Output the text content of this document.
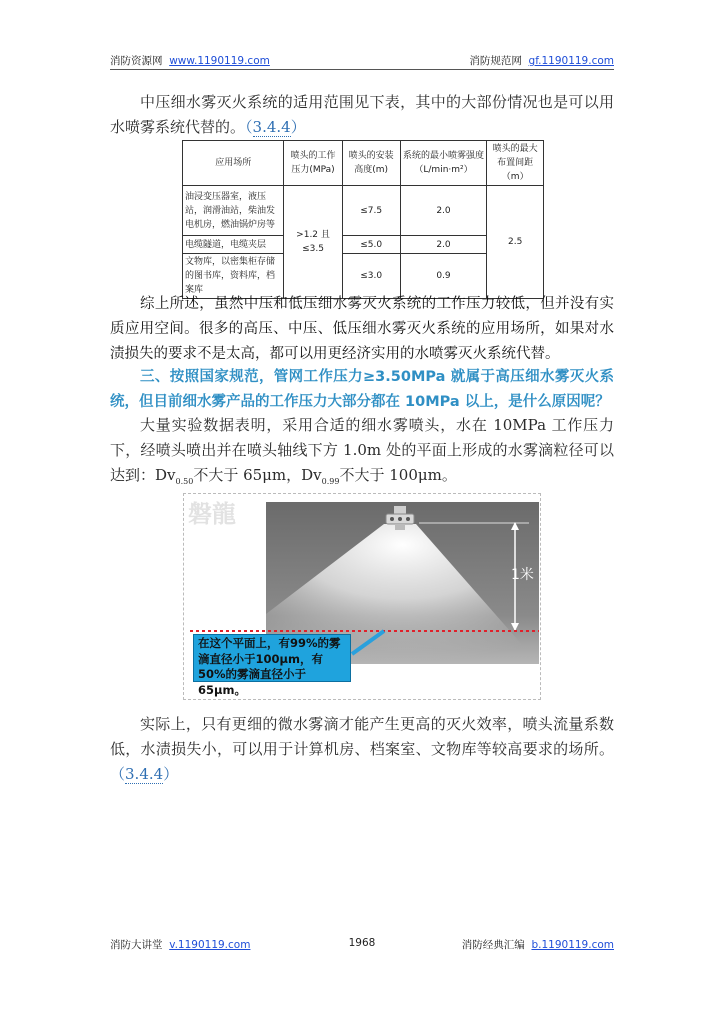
消防资源网 www.1190119.com	消防规范网 gf.1190119.com

中压细水雾灭火系统的适用范围见下表，其中的大部份情况也是可以用水喷雾系统代替的。（3.4.4）

应用场所	喷头的工作压力(MPa)	喷头的安装高度(m)	系统的最小喷雾强度（L/min·m²）	喷头的最大布置间距（m）
油浸变压器室，液压站，润滑油站，柴油发电机房，燃油锅炉房等	>1.2 且 ≤3.5	≤7.5	2.0	2.5
电缆隧道，电缆夹层		≤5.0	2.0	
文物库，以密集柜存储的图书库，资料库，档案库		≤3.0	0.9	

综上所述，虽然中压和低压细水雾灭火系统的工作压力较低，但并没有实质应用空间。很多的高压、中压、低压细水雾灭火系统的应用场所，如果对水渍损失的要求不是太高，都可以用更经济实用的水喷雾灭火系统代替。

三、按照国家规范，管网工作压力≥3.50MPa 就属于高压细水雾灭火系统，但目前细水雾产品的工作压力大部分都在 10MPa 以上，是什么原因呢？

大量实验数据表明，采用合适的细水雾喷头，水在 10MPa 工作压力下，经喷头喷出并在喷头轴线下方 1.0m 处的平面上形成的水雾滴粒径可以达到：$Dv_{0.50}$不大于 65μm，$Dv_{0.99}$不大于 100μm。

磐龍
1米
在这个平面上，有99%的雾滴直径小于100μm，有50%的雾滴直径小于65μm。

实际上，只有更细的微水雾滴才能产生更高的灭火效率，喷头流量系数低，水渍损失小，可以用于计算机房、档案室、文物库等较高要求的场所。（3.4.4）

消防大讲堂 v.1190119.com	1968	消防经典汇编 b.1190119.com
